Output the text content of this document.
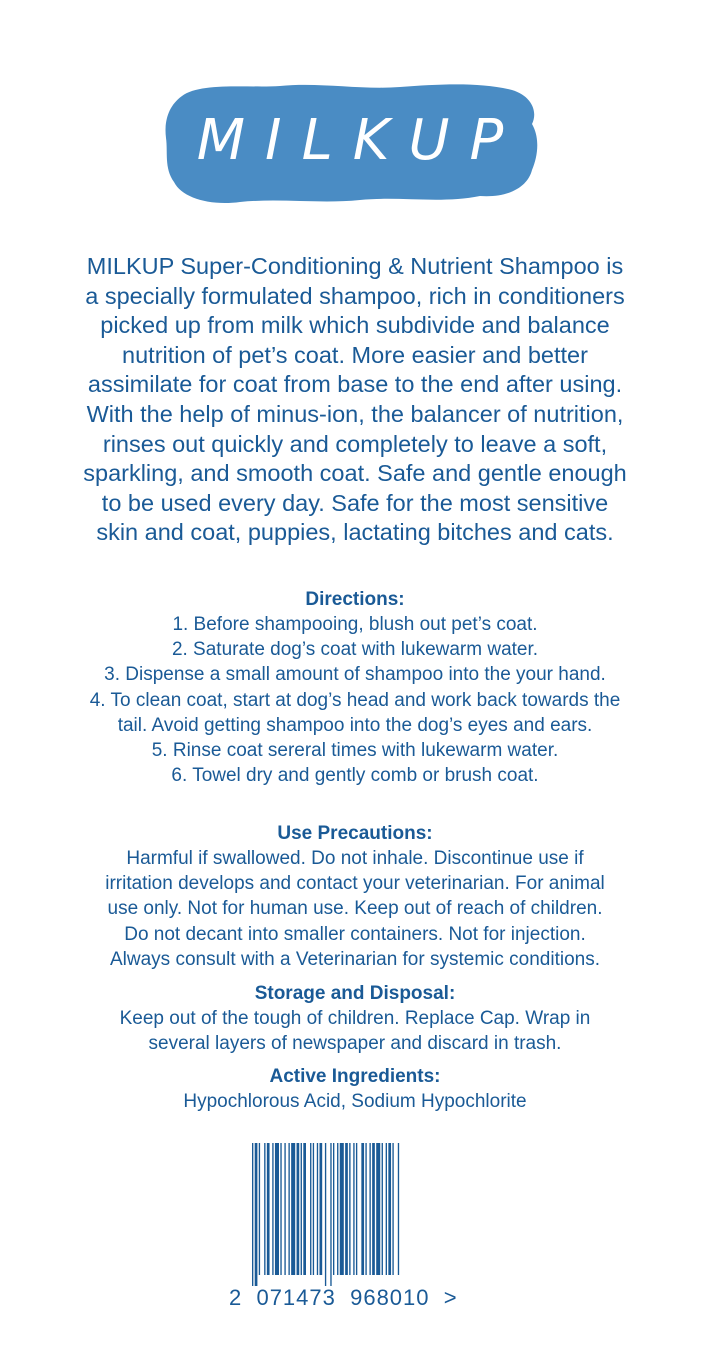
MILKUP
MILKUP Super-Conditioning & Nutrient Shampoo is
a specially formulated shampoo, rich in conditioners
picked up from milk which subdivide and balance
nutrition of pet’s coat. More easier and better
assimilate for coat from base to the end after using.
With the help of minus-ion, the balancer of nutrition,
rinses out quickly and completely to leave a soft,
sparkling, and smooth coat. Safe and gentle enough
to be used every day. Safe for the most sensitive
skin and coat, puppies, lactating bitches and cats.
Directions:
1. Before shampooing, blush out pet’s coat.
2. Saturate dog’s coat with lukewarm water.
3. Dispense a small amount of shampoo into the your hand.
4. To clean coat, start at dog’s head and work back towards the
tail. Avoid getting shampoo into the dog’s eyes and ears.
5. Rinse coat sereral times with lukewarm water.
6. Towel dry and gently comb or brush coat.
Use Precautions:
Harmful if swallowed. Do not inhale. Discontinue use if
irritation develops and contact your veterinarian. For animal
use only. Not for human use. Keep out of reach of children.
Do not decant into smaller containers. Not for injection.
Always consult with a Veterinarian for systemic conditions.
Storage and Disposal:
Keep out of the tough of children. Replace Cap. Wrap in
several layers of newspaper and discard in trash.
Active Ingredients:
Hypochlorous Acid, Sodium Hypochlorite
2  071473  968010  >
